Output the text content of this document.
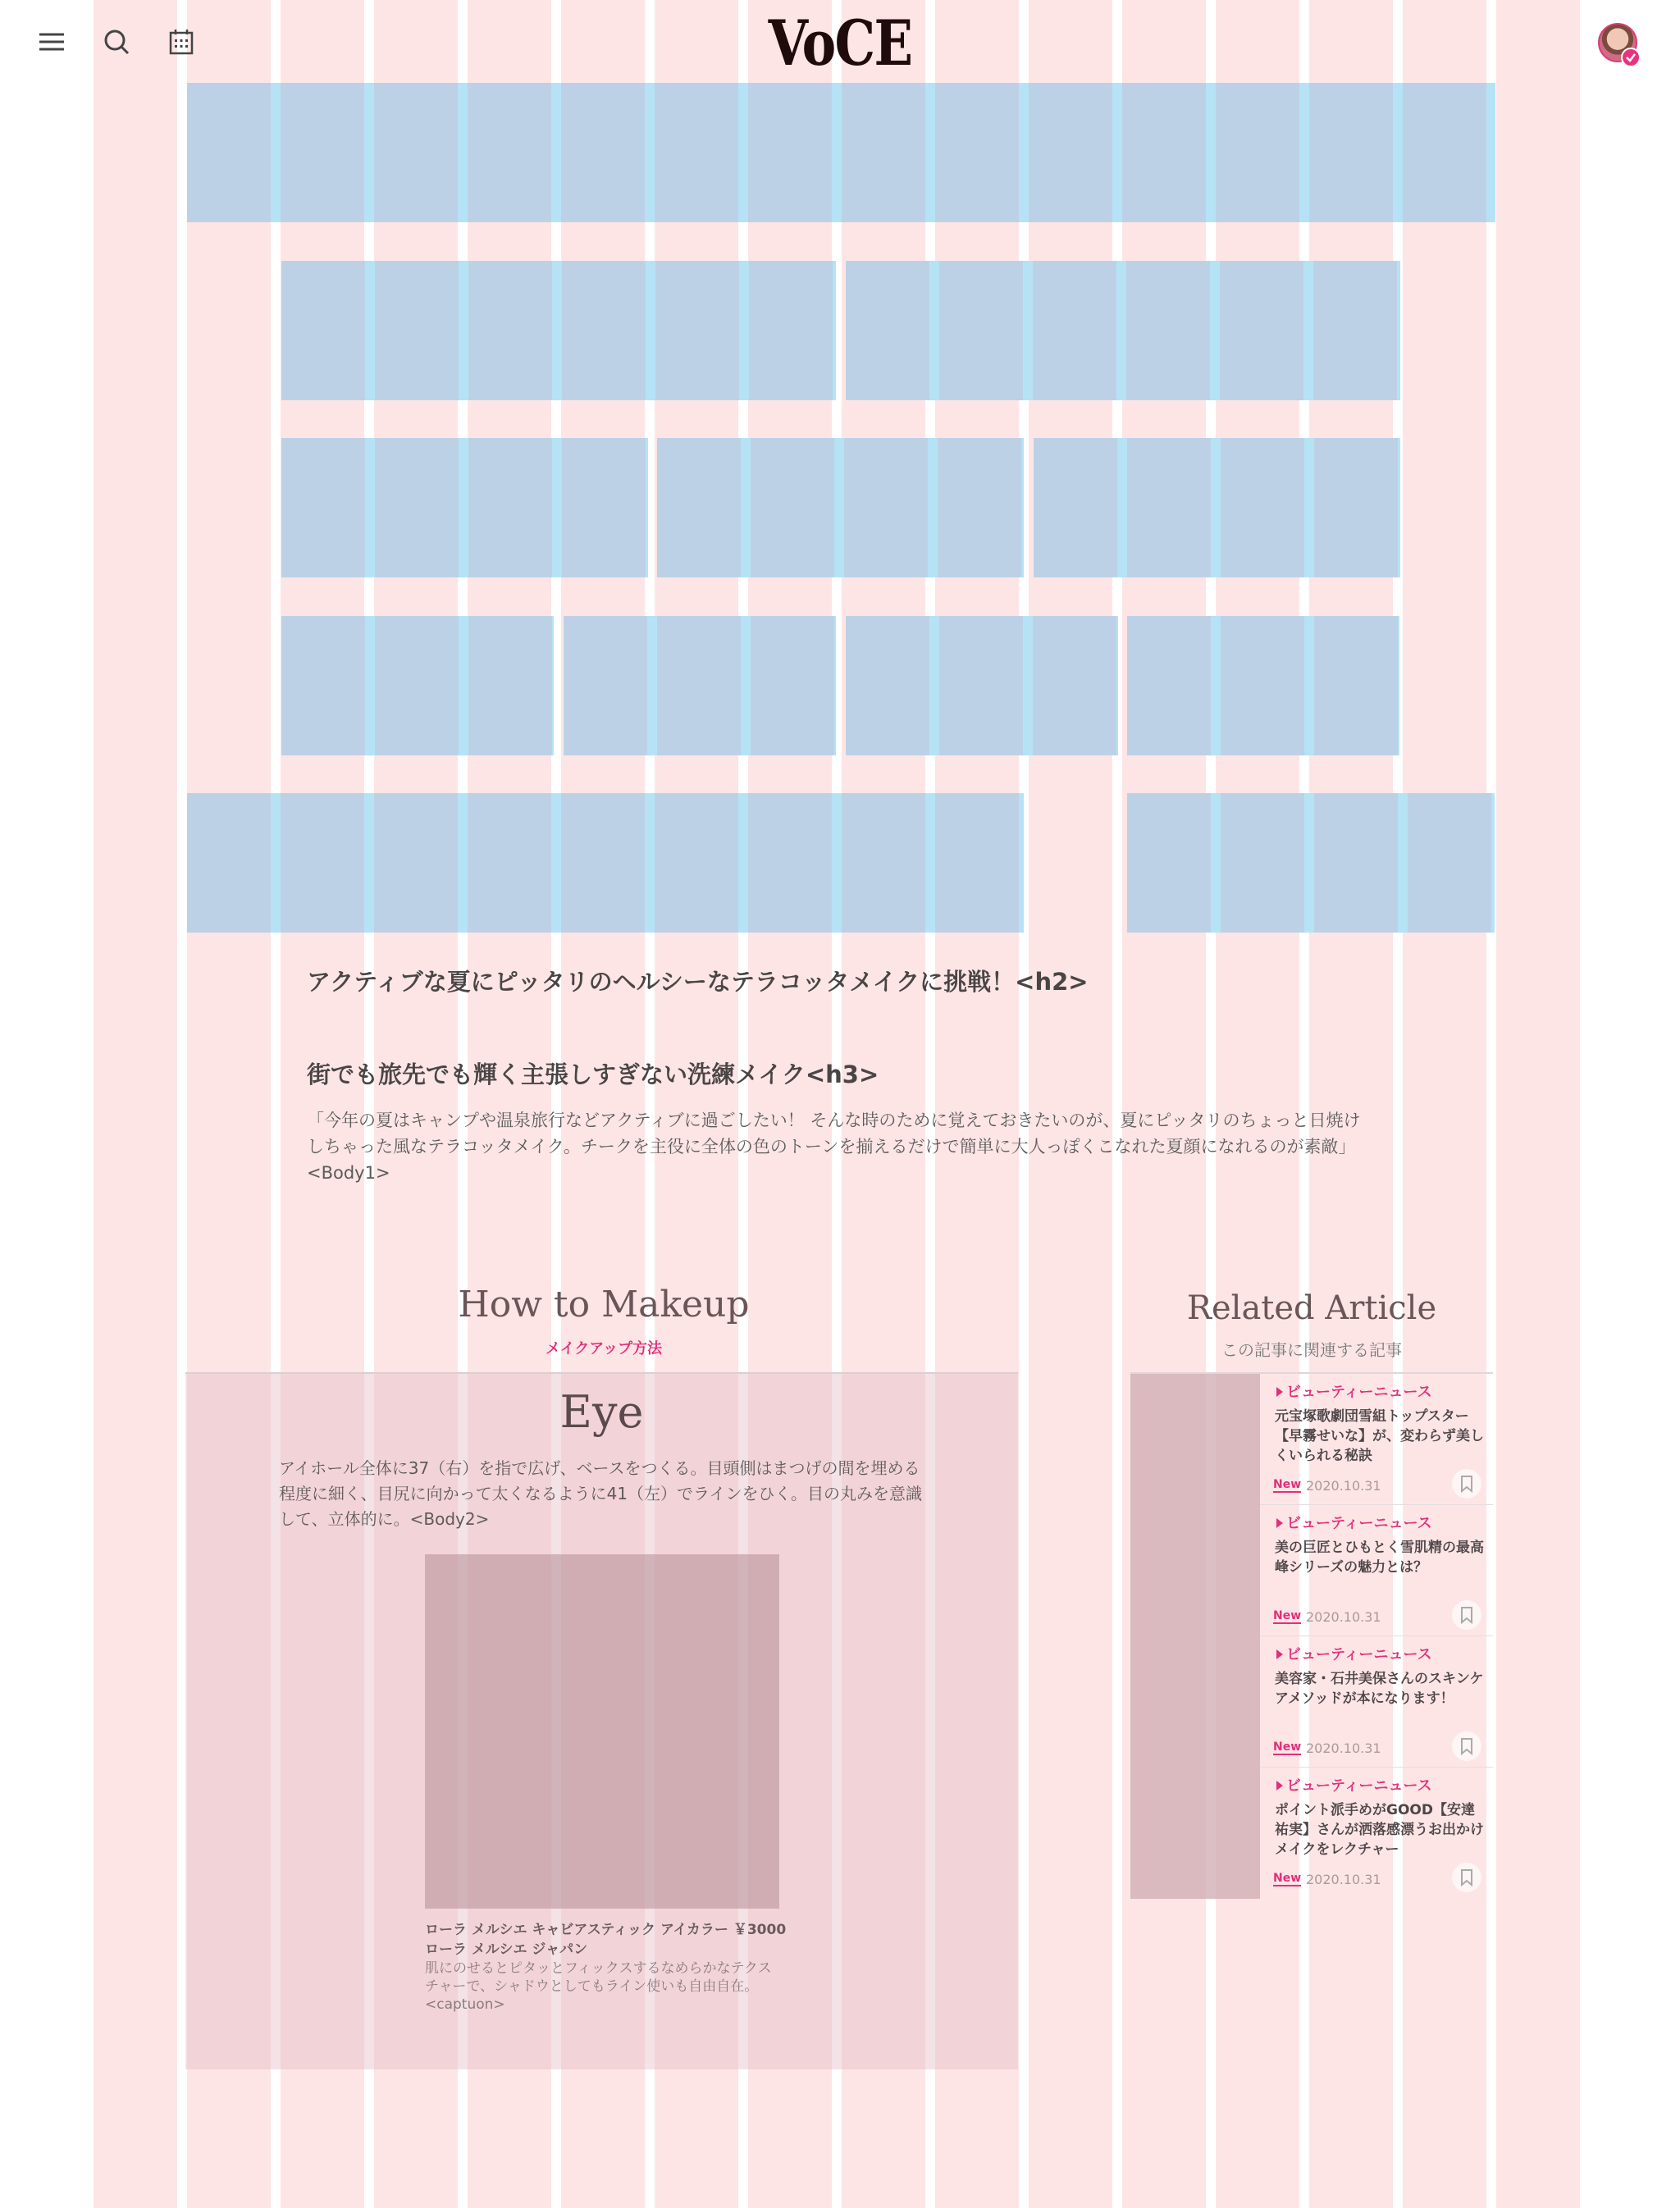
VoCE
アクティブな夏にピッタリのヘルシーなテラコッタメイクに挑戦！<h2>
街でも旅先でも輝く主張しすぎない洗練メイク<h3>
「今年の夏はキャンプや温泉旅行などアクティブに過ごしたい！ そんな時のために覚えておきたいのが、夏にピッタリのちょっと日焼けしちゃった風なテラコッタメイク。チークを主役に全体の色のトーンを揃えるだけで簡単に大人っぽくこなれた夏顔になれるのが素敵」<Body1>
How to Makeup
メイクアップ方法
Eye
アイホール全体に37（右）を指で広げ、ベースをつくる。目頭側はまつげの間を埋める程度に細く、目尻に向かって太くなるように41（左）でラインをひく。目の丸みを意識して、立体的に。<Body2>
ローラ メルシエ キャビアスティック アイカラー ￥3000
ローラ メルシエ ジャパン
肌にのせるとピタッとフィックスするなめらかなテクスチャーで、シャドウとしてもライン使いも自由自在。<captuon>
Related Article
この記事に関連する記事
ビューティーニュース
元宝塚歌劇団雪組トップスター【早霧せいな】が、変わらず美しくいられる秘訣
New 2020.10.31
ビューティーニュース
美の巨匠とひもとく雪肌精の最高峰シリーズの魅力とは？
New 2020.10.31
ビューティーニュース
美容家・石井美保さんのスキンケアメソッドが本になります！
New 2020.10.31
ビューティーニュース
ポイント派手めがGOOD【安達祐実】さんが洒落感漂うお出かけメイクをレクチャー
New 2020.10.31
